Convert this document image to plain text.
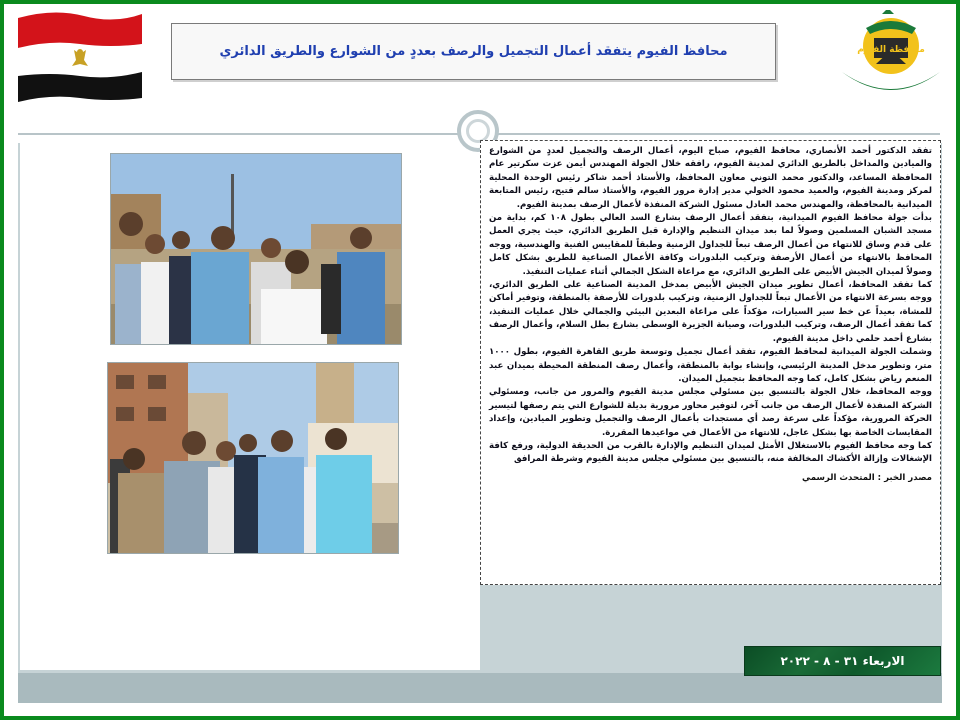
محافظ الفيوم يتفقد أعمال التجميل والرصف بعددٍ من الشوارع والطريق الدائري	محافظة الفيوم

تفقد الدكتور أحمد الأنصاري، محافظ الفيوم، صباح اليوم، أعمال الرصف والتجميل لعددٍ من الشوارع والميادين والمداخل بالطريق الدائري لمدينة الفيوم، رافقه خلال الجولة المهندس أيمن عزت سكرتير عام المحافظة المساعد، والدكتور محمد التوني معاون المحافظ، والأستاذ أحمد شاكر رئيس الوحدة المحلية لمركز ومدينة الفيوم، والعميد محمود الخولي مدير إدارة مرور الفيوم، والأستاذ سالم فتيح، رئيس المتابعة الميدانية بالمحافظة، والمهندس محمد العادل مسئول الشركة المنفذة لأعمال الرصف بمدينة الفيوم.

بدأت جولة محافظ الفيوم الميدانية، بتفقد أعمال الرصف بشارع السد العالي بطول ١٠٨ كم، بداية من مسجد الشبان المسلمين وصولاً لما بعد ميدان التنظيم والإدارة قبل الطريق الدائري، حيث يجري العمل على قدم وساق للانتهاء من أعمال الرصف تبعاً للجداول الزمنية وطبقاً للمقاييس الفنية والهندسية، ووجه المحافظ بالانتهاء من أعمال الأرصفة وتركيب البلدورات وكافة الأعمال الصناعية للطريق بشكل كامل وصولاً لميدان الجيش الأبيض على الطريق الدائري، مع مراعاة الشكل الجمالي أثناء عمليات التنفيذ.

كما تفقد المحافظ، أعمال تطوير ميدان الجيش الأبيض بمدخل المدينة الصناعية على الطريق الدائري، ووجه بسرعة الانتهاء من الأعمال تبعاً للجداول الزمنية، وتركيب بلدورات للأرصفة بالمنطقة، وتوفير أماكن للمشاة، بعيداً عن خط سير السيارات، مؤكداً على مراعاة البعدين البيئي والجمالي خلال عمليات التنفيذ، كما تفقد أعمال الرصف، وتركيب البلدورات، وصيانة الجزيرة الوسطى بشارع بطل السلام، وأعمال الرصف بشارع أحمد حلمي داخل مدينة الفيوم.

وشملت الجولة الميدانية لمحافظ الفيوم، تفقد أعمال تجميل وتوسعة طريق القاهرة الفيوم، بطول ١٠٠٠ متر، وتطوير مدخل المدينة الرئيسي، وإنشاء بوابة بالمنطقة، وأعمال رصف المنطقة المحيطة بميدان عبد المنعم رياض بشكل كامل، كما وجه المحافظ بتجميل الميدان.

ووجه المحافظ، خلال الجولة بالتنسيق بين مسئولي مجلس مدينة الفيوم والمرور من جانب، ومسئولي الشركة المنفذة لأعمال الرصف من جانب آخر، لتوفير محاور مرورية بديلة للشوارع التي يتم رصفها لتيسير الحركة المرورية، مؤكداً على سرعة رصد أي مستجدات بأعمال الرصف والتجميل وتطوير الميادين، وإعداد المقايسات الخاصة بها بشكل عاجل، للانتهاء من الأعمال في مواعيدها المقررة.

كما وجه محافظ الفيوم بالاستغلال الأمثل لميدان التنظيم والإدارة بالقرب من الحديقة الدولية، ورفع كافة الإشغالات وإزالة الأكشاك المخالفة منه، بالتنسيق بين مسئولي مجلس مدينة الفيوم وشرطة المرافق

مصدر الخبر : المتحدث الرسمي
الاربعاء ٣١ - ٨ - ٢٠٢٢
